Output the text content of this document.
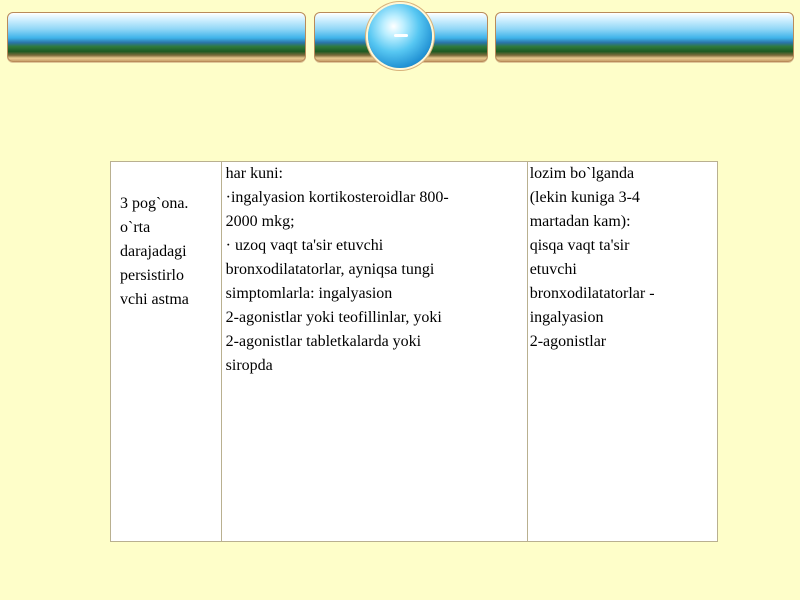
3 pog`ona.
o`rta
darajadagi
persistirlo
vchi astma

har kuni:
·ingalyasion kortikosteroidlar 800-
2000 mkg;
· uzoq vaqt ta'sir etuvchi
bronxodilatatorlar, ayniqsa tungi
simptomlarla: ingalyasion
2-agonistlar yoki teofillinlar, yoki
2-agonistlar tabletkalarda yoki
siropda

lozim bo`lganda
(lekin kuniga 3-4
martadan kam):
qisqa vaqt ta'sir
etuvchi
bronxodilatatorlar -
ingalyasion
2-agonistlar
